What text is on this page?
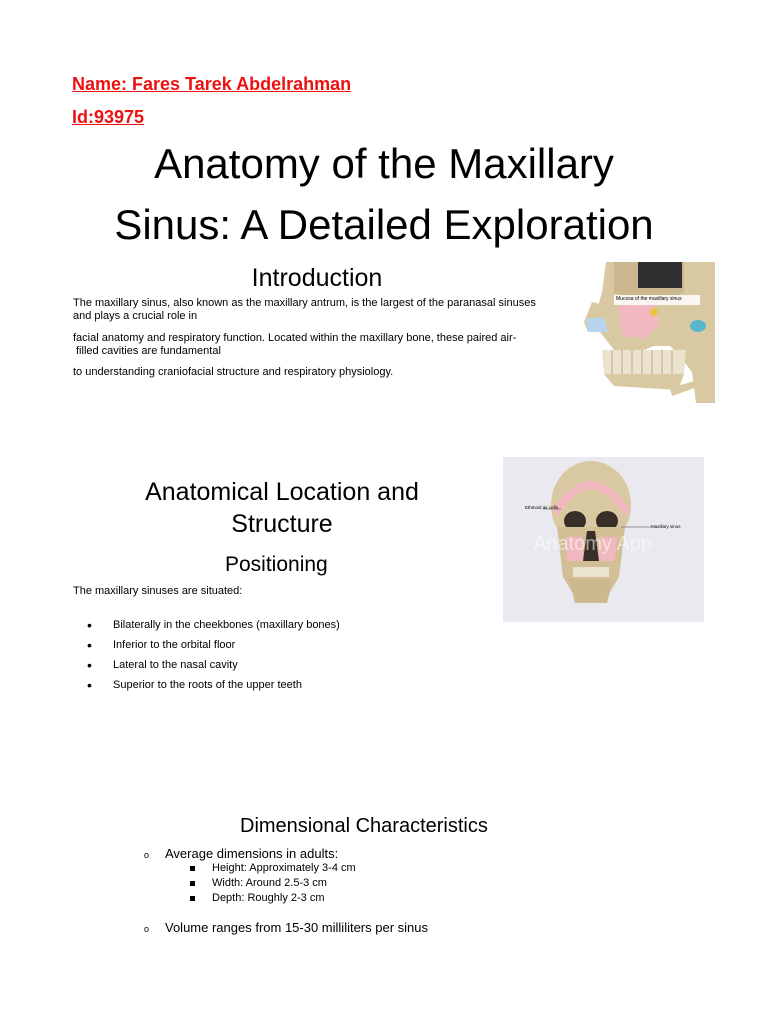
Name: Fares Tarek Abdelrahman
Id:93975
Anatomy of the Maxillary
Sinus: A Detailed Exploration
Introduction
The maxillary sinus, also known as the maxillary antrum, is the largest of the paranasal sinuses
and plays a crucial role in
facial anatomy and respiratory function. Located within the maxillary bone, these paired air-
filled cavities are fundamental
to understanding craniofacial structure and respiratory physiology.
Mucosa of the maxillary sinus
Anatomical Location and
Structure
Ethmoid air cells
Maxillary sinus
Anatomy App
Positioning
The maxillary sinuses are situated:
• Bilaterally in the cheekbones (maxillary bones)
• Inferior to the orbital floor
• Lateral to the nasal cavity
• Superior to the roots of the upper teeth
Dimensional Characteristics
o Average dimensions in adults:
Height: Approximately 3-4 cm
Width: Around 2.5-3 cm
Depth: Roughly 2-3 cm
o Volume ranges from 15-30 milliliters per sinus
